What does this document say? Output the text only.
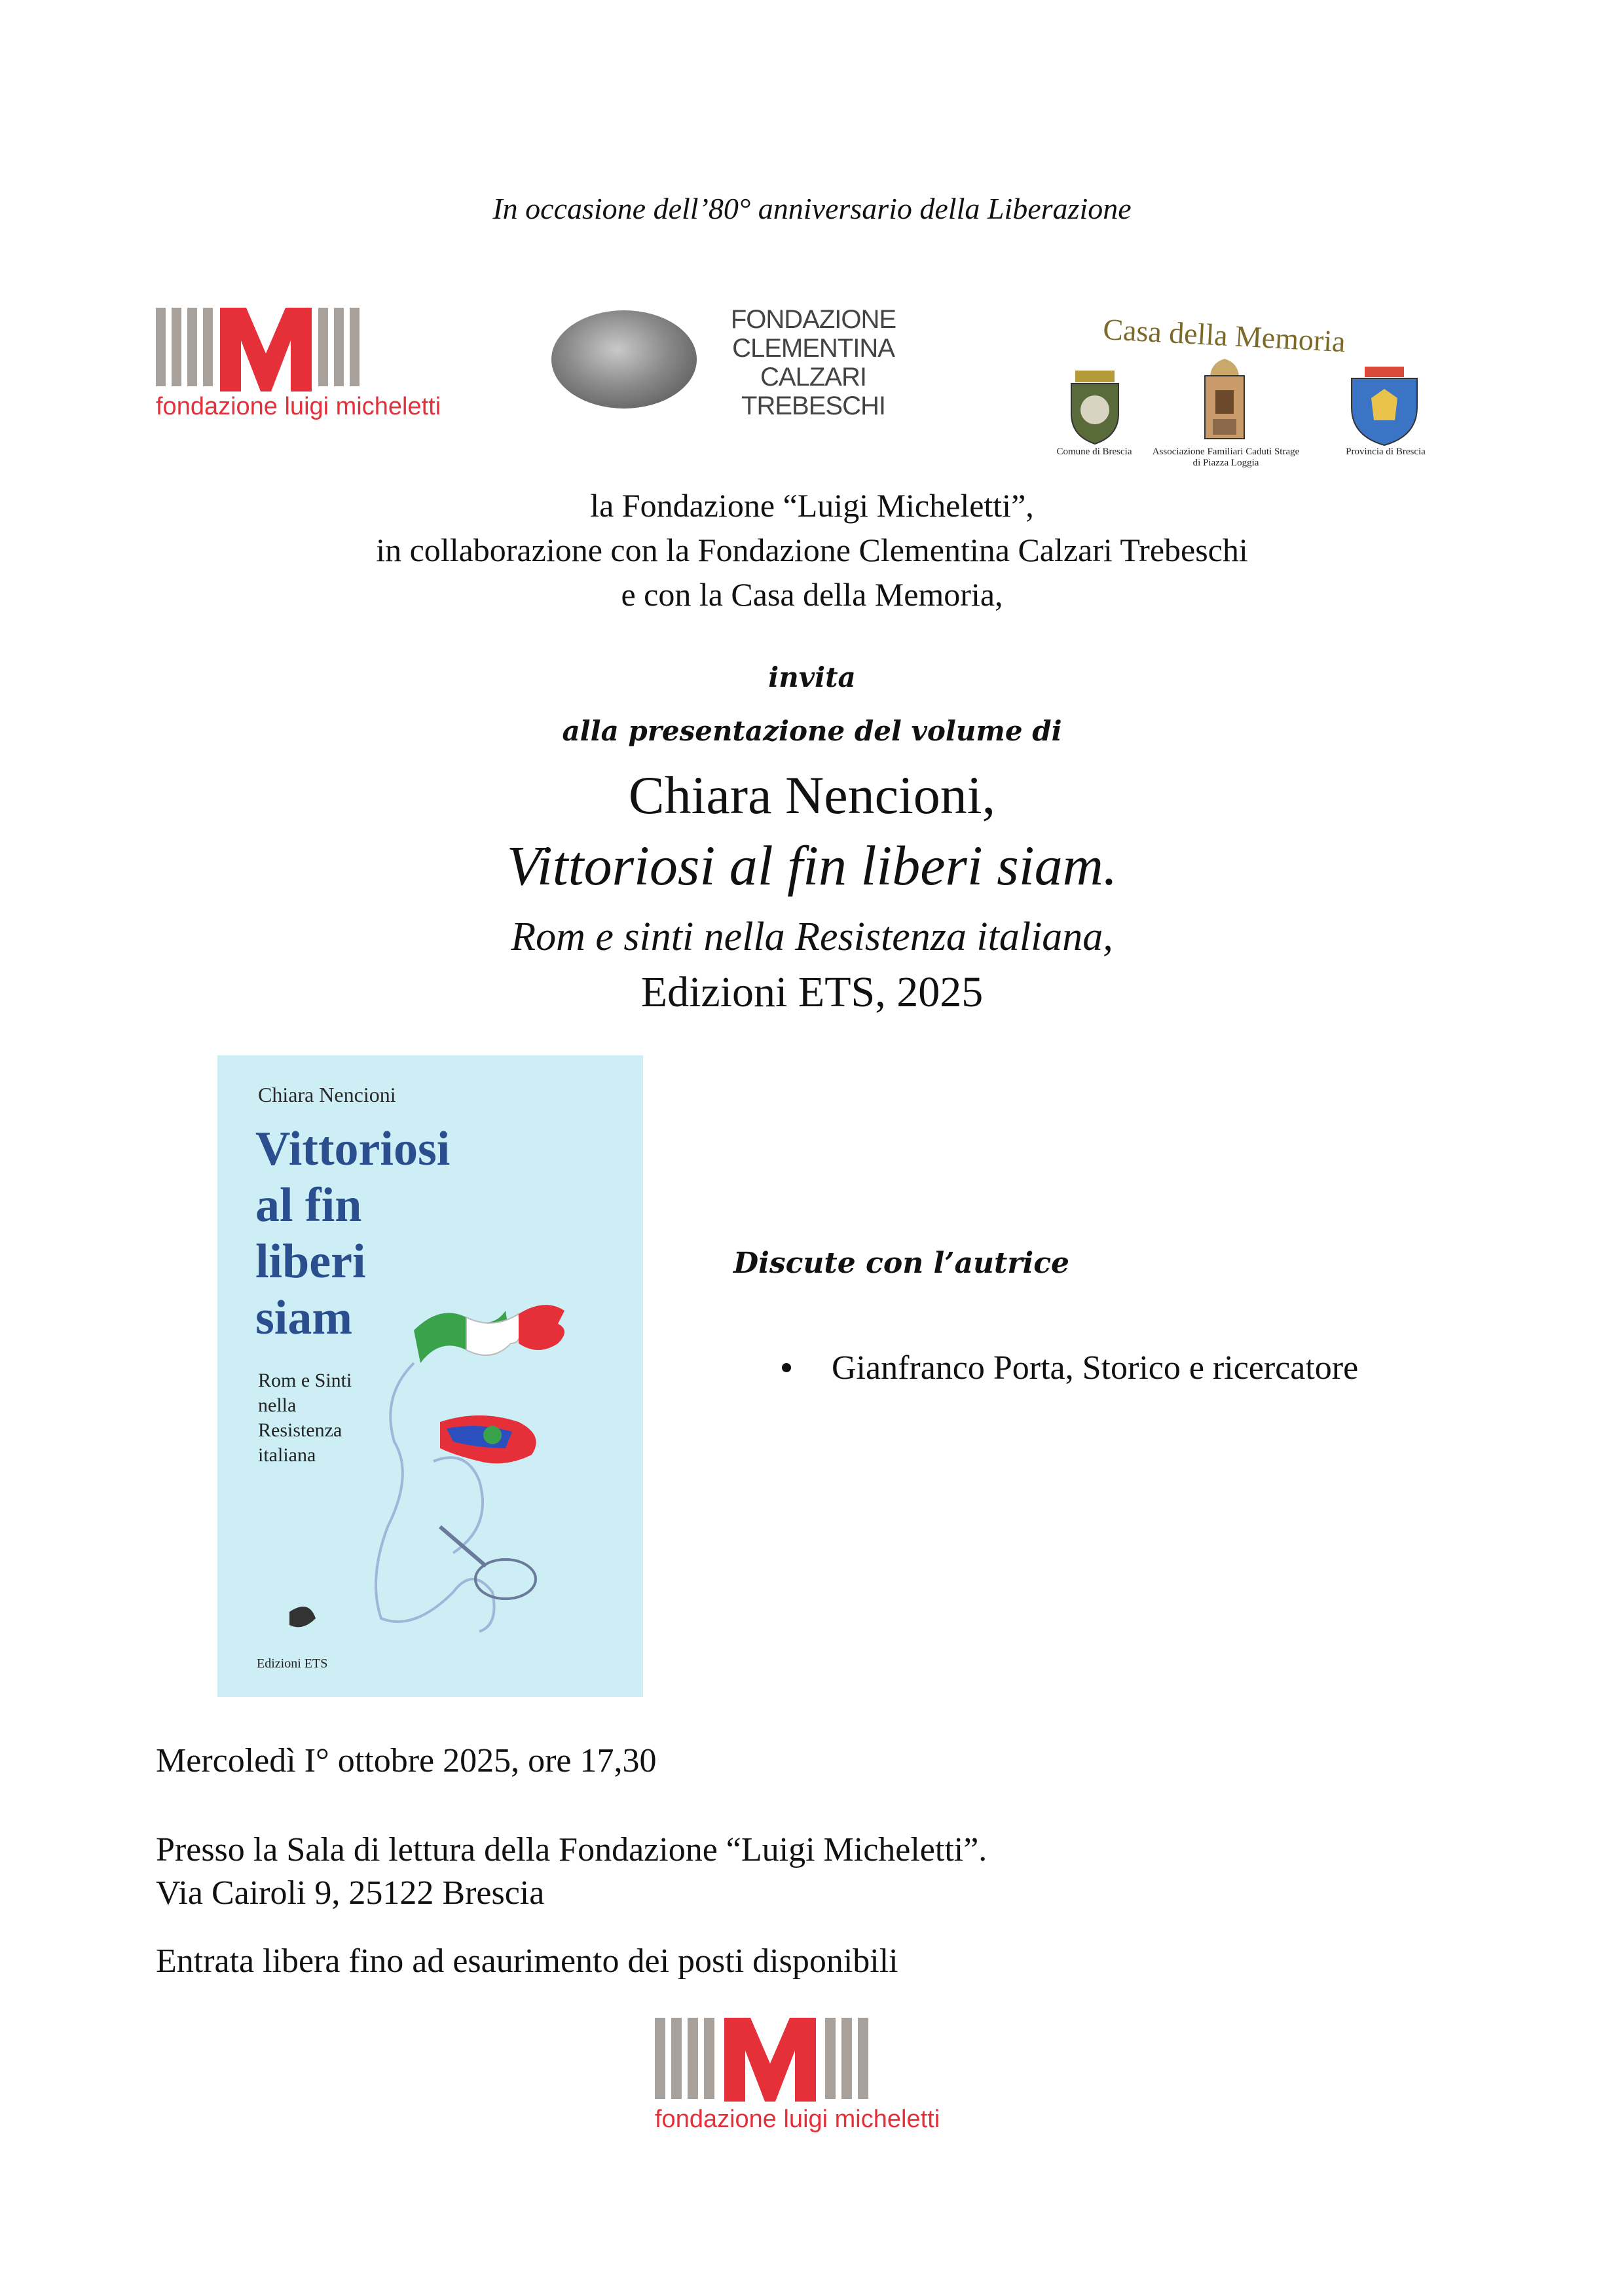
In occasione dell’80° anniversario della Liberazione
fondazione luigi micheletti
FONDAZIONE
CLEMENTINA CALZARI
TREBESCHI
Casa della Memoria
Comune di Brescia	Associazione Familiari Caduti Strage di Piazza Loggia
Provincia di Brescia
la Fondazione “Luigi Micheletti”,
in collaborazione con la Fondazione Clementina Calzari Trebeschi
e con la Casa della Memoria,
invita
alla presentazione del volume di
Chiara Nencioni,
Vittoriosi al fin liberi siam.
Rom e sinti nella Resistenza italiana,
Edizioni ETS, 2025
Chiara Nencioni
Vittoriosi
al fin
liberi
siam
Rom e Sinti
nella
Resistenza
italiana
Edizioni ETS
Discute con l’autrice
Gianfranco Porta, Storico e ricercatore
Mercoledì I° ottobre 2025, ore 17,30
Presso la Sala di lettura della Fondazione “Luigi Micheletti”.
Via Cairoli 9, 25122 Brescia
Entrata libera fino ad esaurimento dei posti disponibili
fondazione luigi micheletti
